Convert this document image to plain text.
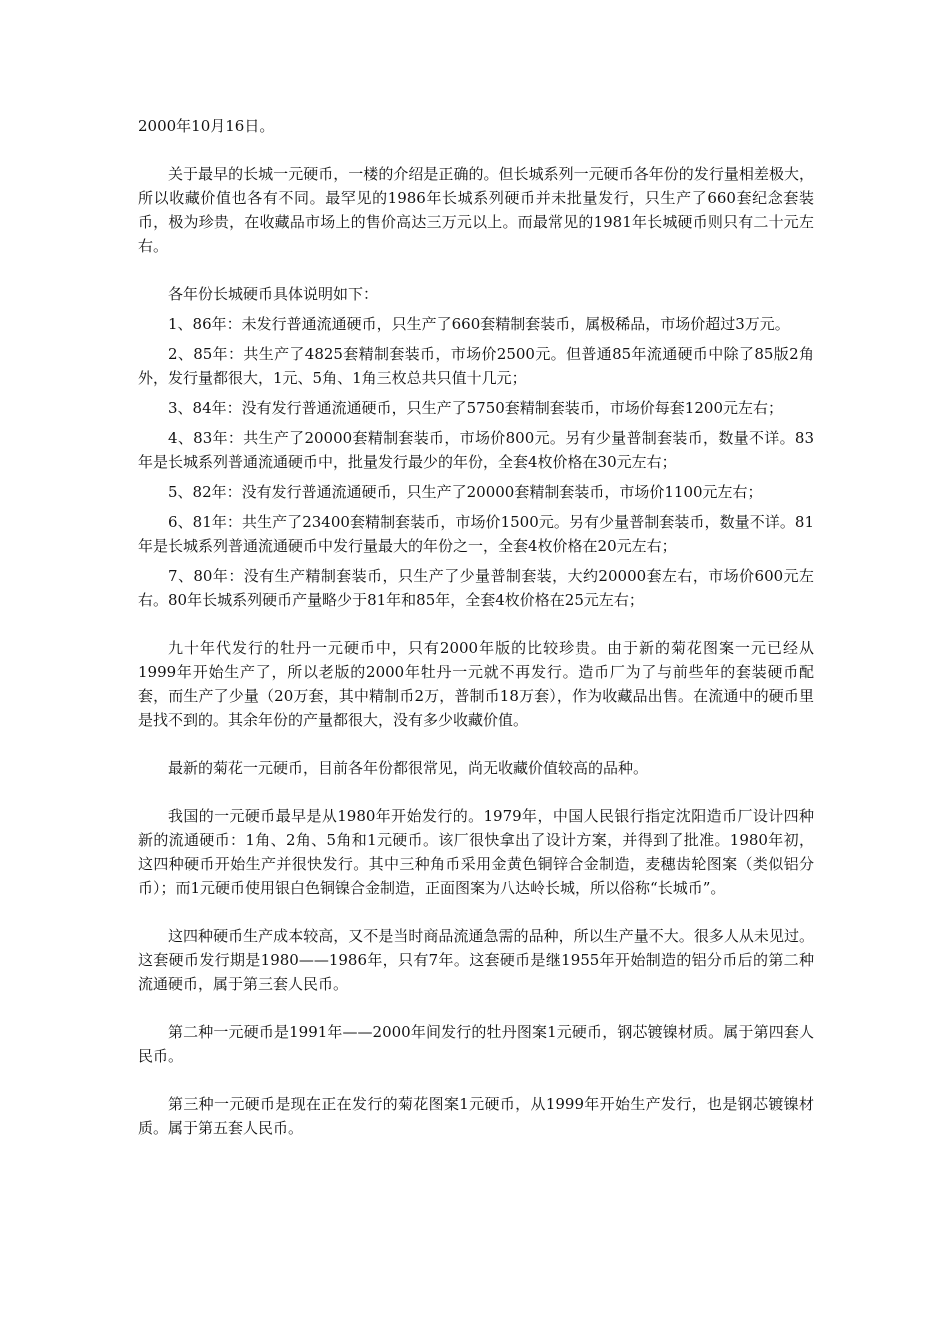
2000年10月16日。

关于最早的长城一元硬币，一楼的介绍是正确的。但长城系列一元硬币各年份的发行量相差极大，所以收藏价值也各有不同。最罕见的1986年长城系列硬币并未批量发行，只生产了660套纪念套装币，极为珍贵，在收藏品市场上的售价高达三万元以上。而最常见的1981年长城硬币则只有二十元左右。

各年份长城硬币具体说明如下：

1、86年：未发行普通流通硬币，只生产了660套精制套装币，属极稀品，市场价超过3万元。

2、85年：共生产了4825套精制套装币，市场价2500元。但普通85年流通硬币中除了85版2角外，发行量都很大，1元、5角、1角三枚总共只值十几元；

3、84年：没有发行普通流通硬币，只生产了5750套精制套装币，市场价每套1200元左右；

4、83年：共生产了20000套精制套装币，市场价800元。另有少量普制套装币，数量不详。83年是长城系列普通流通硬币中，批量发行最少的年份，全套4枚价格在30元左右；

5、82年：没有发行普通流通硬币，只生产了20000套精制套装币，市场价1100元左右；

6、81年：共生产了23400套精制套装币，市场价1500元。另有少量普制套装币，数量不详。81年是长城系列普通流通硬币中发行量最大的年份之一，全套4枚价格在20元左右；

7、80年：没有生产精制套装币，只生产了少量普制套装，大约20000套左右，市场价600元左右。80年长城系列硬币产量略少于81年和85年，全套4枚价格在25元左右；

九十年代发行的牡丹一元硬币中，只有2000年版的比较珍贵。由于新的菊花图案一元已经从1999年开始生产了，所以老版的2000年牡丹一元就不再发行。造币厂为了与前些年的套装硬币配套，而生产了少量（20万套，其中精制币2万，普制币18万套），作为收藏品出售。在流通中的硬币里是找不到的。其余年份的产量都很大，没有多少收藏价值。

最新的菊花一元硬币，目前各年份都很常见，尚无收藏价值较高的品种。

我国的一元硬币最早是从1980年开始发行的。1979年，中国人民银行指定沈阳造币厂设计四种新的流通硬币：1角、2角、5角和1元硬币。该厂很快拿出了设计方案，并得到了批准。1980年初，这四种硬币开始生产并很快发行。其中三种角币采用金黄色铜锌合金制造，麦穗齿轮图案（类似铝分币）；而1元硬币使用银白色铜镍合金制造，正面图案为八达岭长城，所以俗称“长城币”。

这四种硬币生产成本较高，又不是当时商品流通急需的品种，所以生产量不大。很多人从未见过。这套硬币发行期是1980——1986年，只有7年。这套硬币是继1955年开始制造的铝分币后的第二种流通硬币，属于第三套人民币。

第二种一元硬币是1991年——2000年间发行的牡丹图案1元硬币，钢芯镀镍材质。属于第四套人民币。

第三种一元硬币是现在正在发行的菊花图案1元硬币，从1999年开始生产发行，也是钢芯镀镍材质。属于第五套人民币。
